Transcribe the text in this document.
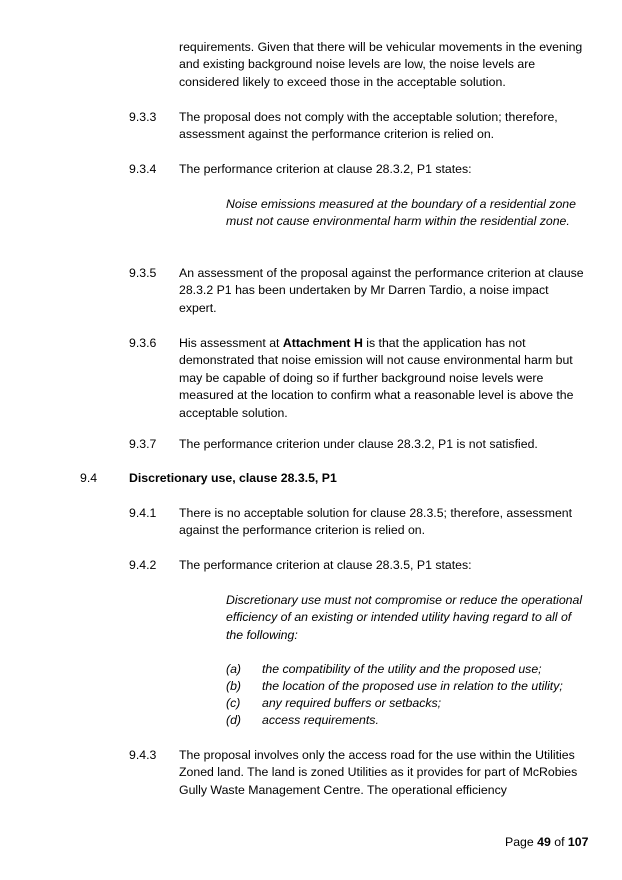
requirements. Given that there will be vehicular movements in the evening and existing background noise levels are low, the noise levels are considered likely to exceed those in the acceptable solution.
9.3.3 The proposal does not comply with the acceptable solution; therefore, assessment against the performance criterion is relied on.
9.3.4 The performance criterion at clause 28.3.2, P1 states:
Noise emissions measured at the boundary of a residential zone must not cause environmental harm within the residential zone.
9.3.5 An assessment of the proposal against the performance criterion at clause 28.3.2 P1 has been undertaken by Mr Darren Tardio, a noise impact expert.
9.3.6 His assessment at Attachment H is that the application has not demonstrated that noise emission will not cause environmental harm but may be capable of doing so if further background noise levels were measured at the location to confirm what a reasonable level is above the acceptable solution.
9.3.7 The performance criterion under clause 28.3.2, P1 is not satisfied.
9.4	Discretionary use, clause 28.3.5, P1
9.4.1 There is no acceptable solution for clause 28.3.5; therefore, assessment against the performance criterion is relied on.
9.4.2 The performance criterion at clause 28.3.5, P1 states:
Discretionary use must not compromise or reduce the operational efficiency of an existing or intended utility having regard to all of the following:
(a) the compatibility of the utility and the proposed use;
(b) the location of the proposed use in relation to the utility;
(c) any required buffers or setbacks;
(d) access requirements.
9.4.3 The proposal involves only the access road for the use within the Utilities Zoned land. The land is zoned Utilities as it provides for part of McRobies Gully Waste Management Centre. The operational efficiency
Page 49 of 107
